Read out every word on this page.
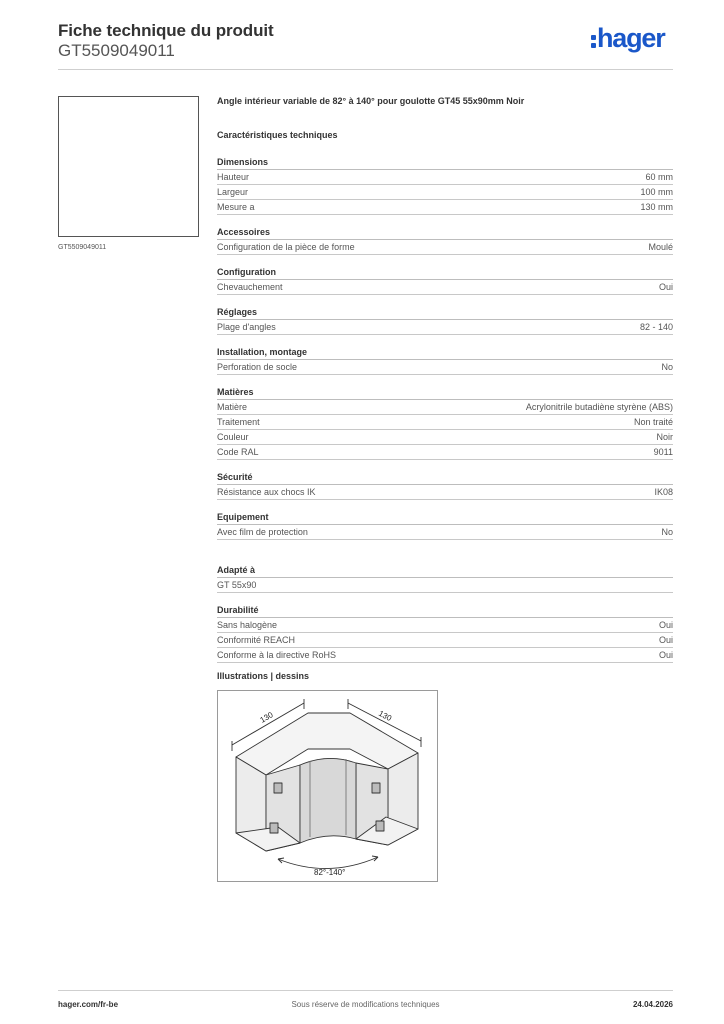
Fiche technique du produit
GT5509049011	hager
GT5509049011
Angle intérieur variable de 82° à 140° pour goulotte GT45 55x90mm Noir
Caractéristiques techniques
Dimensions
Hauteur	60 mm
Largeur	100 mm
Mesure a	130 mm
Accessoires
Configuration de la pièce de forme	Moulé
Configuration
Chevauchement	Oui
Réglages
Plage d'angles	82 - 140
Installation, montage
Perforation de socle	No
Matières
Matière	Acrylonitrile butadiène styrène (ABS)
Traitement	Non traité
Couleur	Noir
Code RAL	9011
Sécurité
Résistance aux chocs IK	IK08
Equipement
Avec film de protection	No
Adapté à
GT 55x90
Durabilité
Sans halogène	Oui
Conformité REACH	Oui
Conforme à la directive RoHS	Oui
Illustrations | dessins
130	130
82°-140°
hager.com/fr-be	Sous réserve de modifications techniques	24.04.2026
